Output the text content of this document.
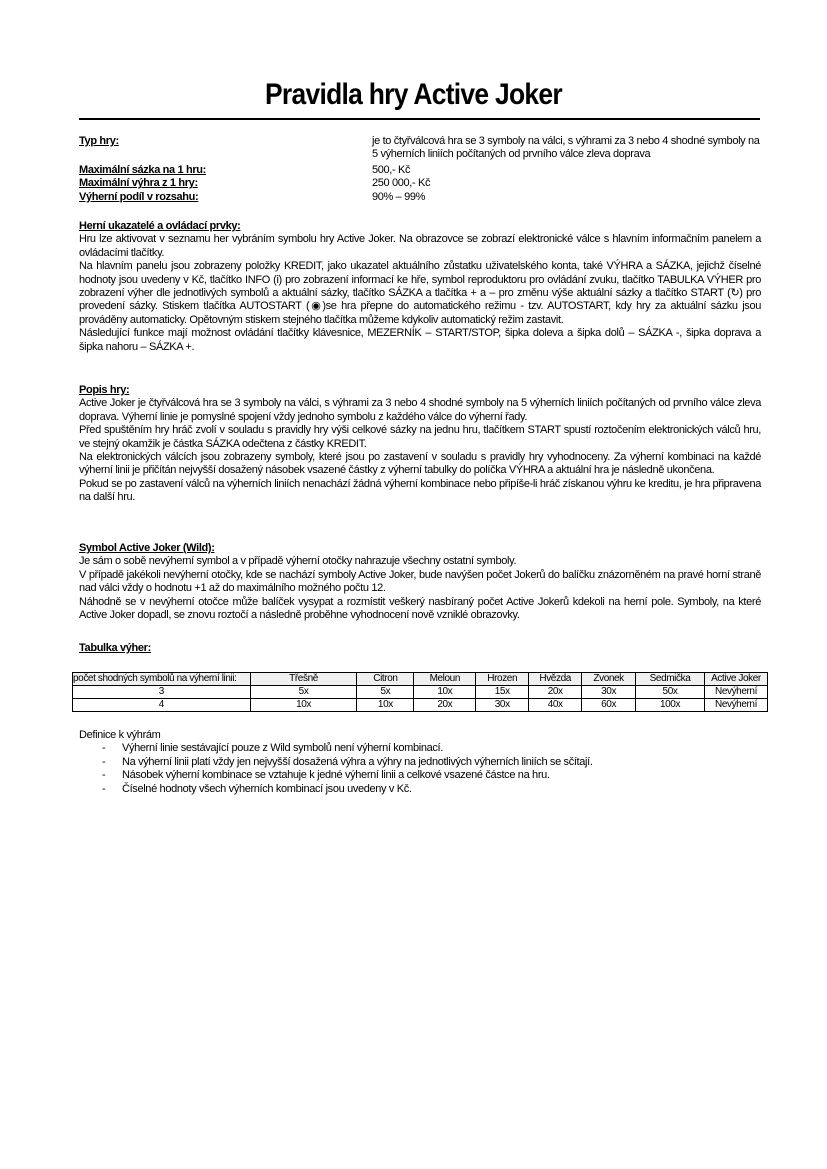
Pravidla hry Active Joker
Typ hry:	je to čtyřválcová hra se 3 symboly na válci, s výhrami za 3 nebo 4 shodné symboly na 5 výherních liniích počítaných od prvního válce zleva doprava
Maximální sázka na 1 hru:	500,- Kč
Maximální výhra z 1 hry:	250 000,- Kč
Výherní podíl v rozsahu:	90% – 99%

Herní ukazatelé a ovládací prvky:

Hru lze aktivovat v seznamu her vybráním symbolu hry Active Joker. Na obrazovce se zobrazí elektronické válce s hlavním informačním panelem a ovládacími tlačítky.

Na hlavním panelu jsou zobrazeny položky KREDIT, jako ukazatel aktuálního zůstatku uživatelského konta, také VÝHRA a SÁZKA, jejichž číselné hodnoty jsou uvedeny v Kč, tlačítko INFO (i) pro zobrazení informací ke hře, symbol reproduktoru pro ovládání zvuku, tlačítko TABULKA VÝHER pro zobrazení výher dle jednotlivých symbolů a aktuální sázky, tlačítko SÁZKA a tlačítka + a – pro změnu výše aktuální sázky a tlačítko START (↻) pro provedení sázky. Stiskem tlačítka AUTOSTART (◉)se hra přepne do automatického režimu - tzv. AUTOSTART, kdy hry za aktuální sázku jsou prováděny automaticky. Opětovným stiskem stejného tlačítka můžeme kdykoliv automatický režim zastavit.

Následující funkce mají možnost ovládání tlačítky klávesnice, MEZERNÍK – START/STOP, šipka doleva a šipka dolů – SÁZKA -, šipka doprava a šipka nahoru – SÁZKA +.

Popis hry:

Active Joker je čtyřválcová hra se 3 symboly na válci, s výhrami za 3 nebo 4 shodné symboly na 5 výherních liniích počítaných od prvního válce zleva doprava. Výherní linie je pomyslné spojení vždy jednoho symbolu z každého válce do výherní řady.

Před spuštěním hry hráč zvolí v souladu s pravidly hry výši celkové sázky na jednu hru, tlačítkem START spustí roztočením elektronických válců hru, ve stejný okamžik je částka SÁZKA odečtena z částky KREDIT.

Na elektronických válcích jsou zobrazeny symboly, které jsou po zastavení v souladu s pravidly hry vyhodnoceny. Za výherní kombinaci na každé výherní linii je přičítán nejvyšší dosažený násobek vsazené částky z výherní tabulky do políčka VÝHRA a aktuální hra je následně ukončena.

Pokud se po zastavení válců na výherních liniích nenachází žádná výherní kombinace nebo připíše-li hráč získanou výhru ke kreditu, je hra připravena na další hru.

Symbol Active Joker (Wild):

Je sám o sobě nevýherní symbol a v případě výherní otočky nahrazuje všechny ostatní symboly.

V případě jakékoli nevýherní otočky, kde se nachází symboly Active Joker, bude navýšen počet Jokerů do balíčku znázorněném na pravé horní straně nad válci vždy o hodnotu +1 až do maximálního možného počtu 12.

Náhodně se v nevýherní otočce může balíček vysypat a rozmístit veškerý nasbíraný počet Active Jokerů kdekoli na herní pole. Symboly, na které Active Joker dopadl, se znovu roztočí a následně proběhne vyhodnocení nově vzniklé obrazovky.

Tabulka výher:

počet shodných symbolů na výherní linii:	Třešně	Citron	Meloun	Hrozen	Hvězda	Zvonek	Sedmička	Active Joker
3	5x	5x	10x	15x	20x	30x	50x	Nevýherní
4	10x	10x	20x	30x	40x	60x	100x	Nevýherní

Definice k výhrám

- Výherní linie sestávající pouze z Wild symbolů není výherní kombinací.
- Na výherní linii platí vždy jen nejvyšší dosažená výhra a výhry na jednotlivých výherních liniích se sčítají.
- Násobek výherní kombinace se vztahuje k jedné výherní linii a celkové vsazené částce na hru.
- Číselné hodnoty všech výherních kombinací jsou uvedeny v Kč.
